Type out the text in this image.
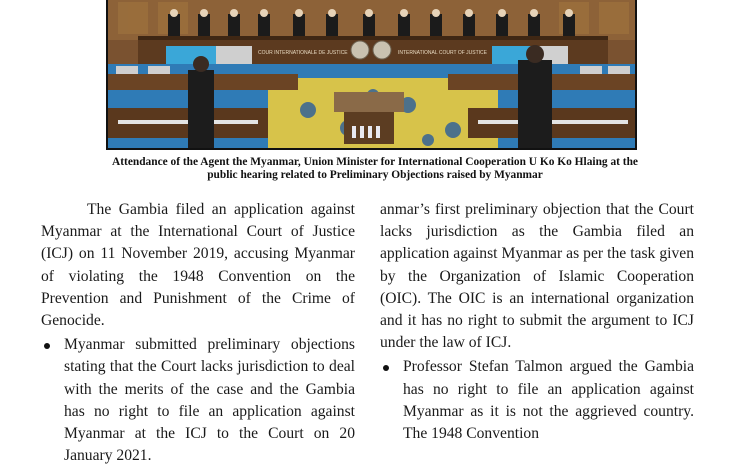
COUR INTERNATIONALE DE JUSTICE	INTERNATIONAL COURT OF JUSTICE
Attendance of the Agent the Myanmar, Union Minister for International Cooperation U Ko Ko Hlaing at the
public hearing related to Preliminary Objections raised by Myanmar

The Gambia filed an application against Myanmar at the International Court of Justice (ICJ) on 11 November 2019, accusing Myanmar of violating the 1948 Convention on the Prevention and Punishment of the Crime of Genocide.

Myanmar submitted preliminary objections stating that the Court lacks jurisdiction to deal with the merits of the case and the Gambia has no right to file an application against Myanmar at the ICJ to the Court on 20 January 2021.

anmar’s first preliminary objection that the Court lacks jurisdiction as the Gambia filed an application against Myanmar as per the task given by the Organization of Islamic Cooperation (OIC). The OIC is an international organization and it has no right to submit the argument to ICJ under the law of ICJ.

Professor Stefan Talmon argued the Gambia has no right to file an application against Myanmar as it is not the aggrieved country. The 1948 Convention
